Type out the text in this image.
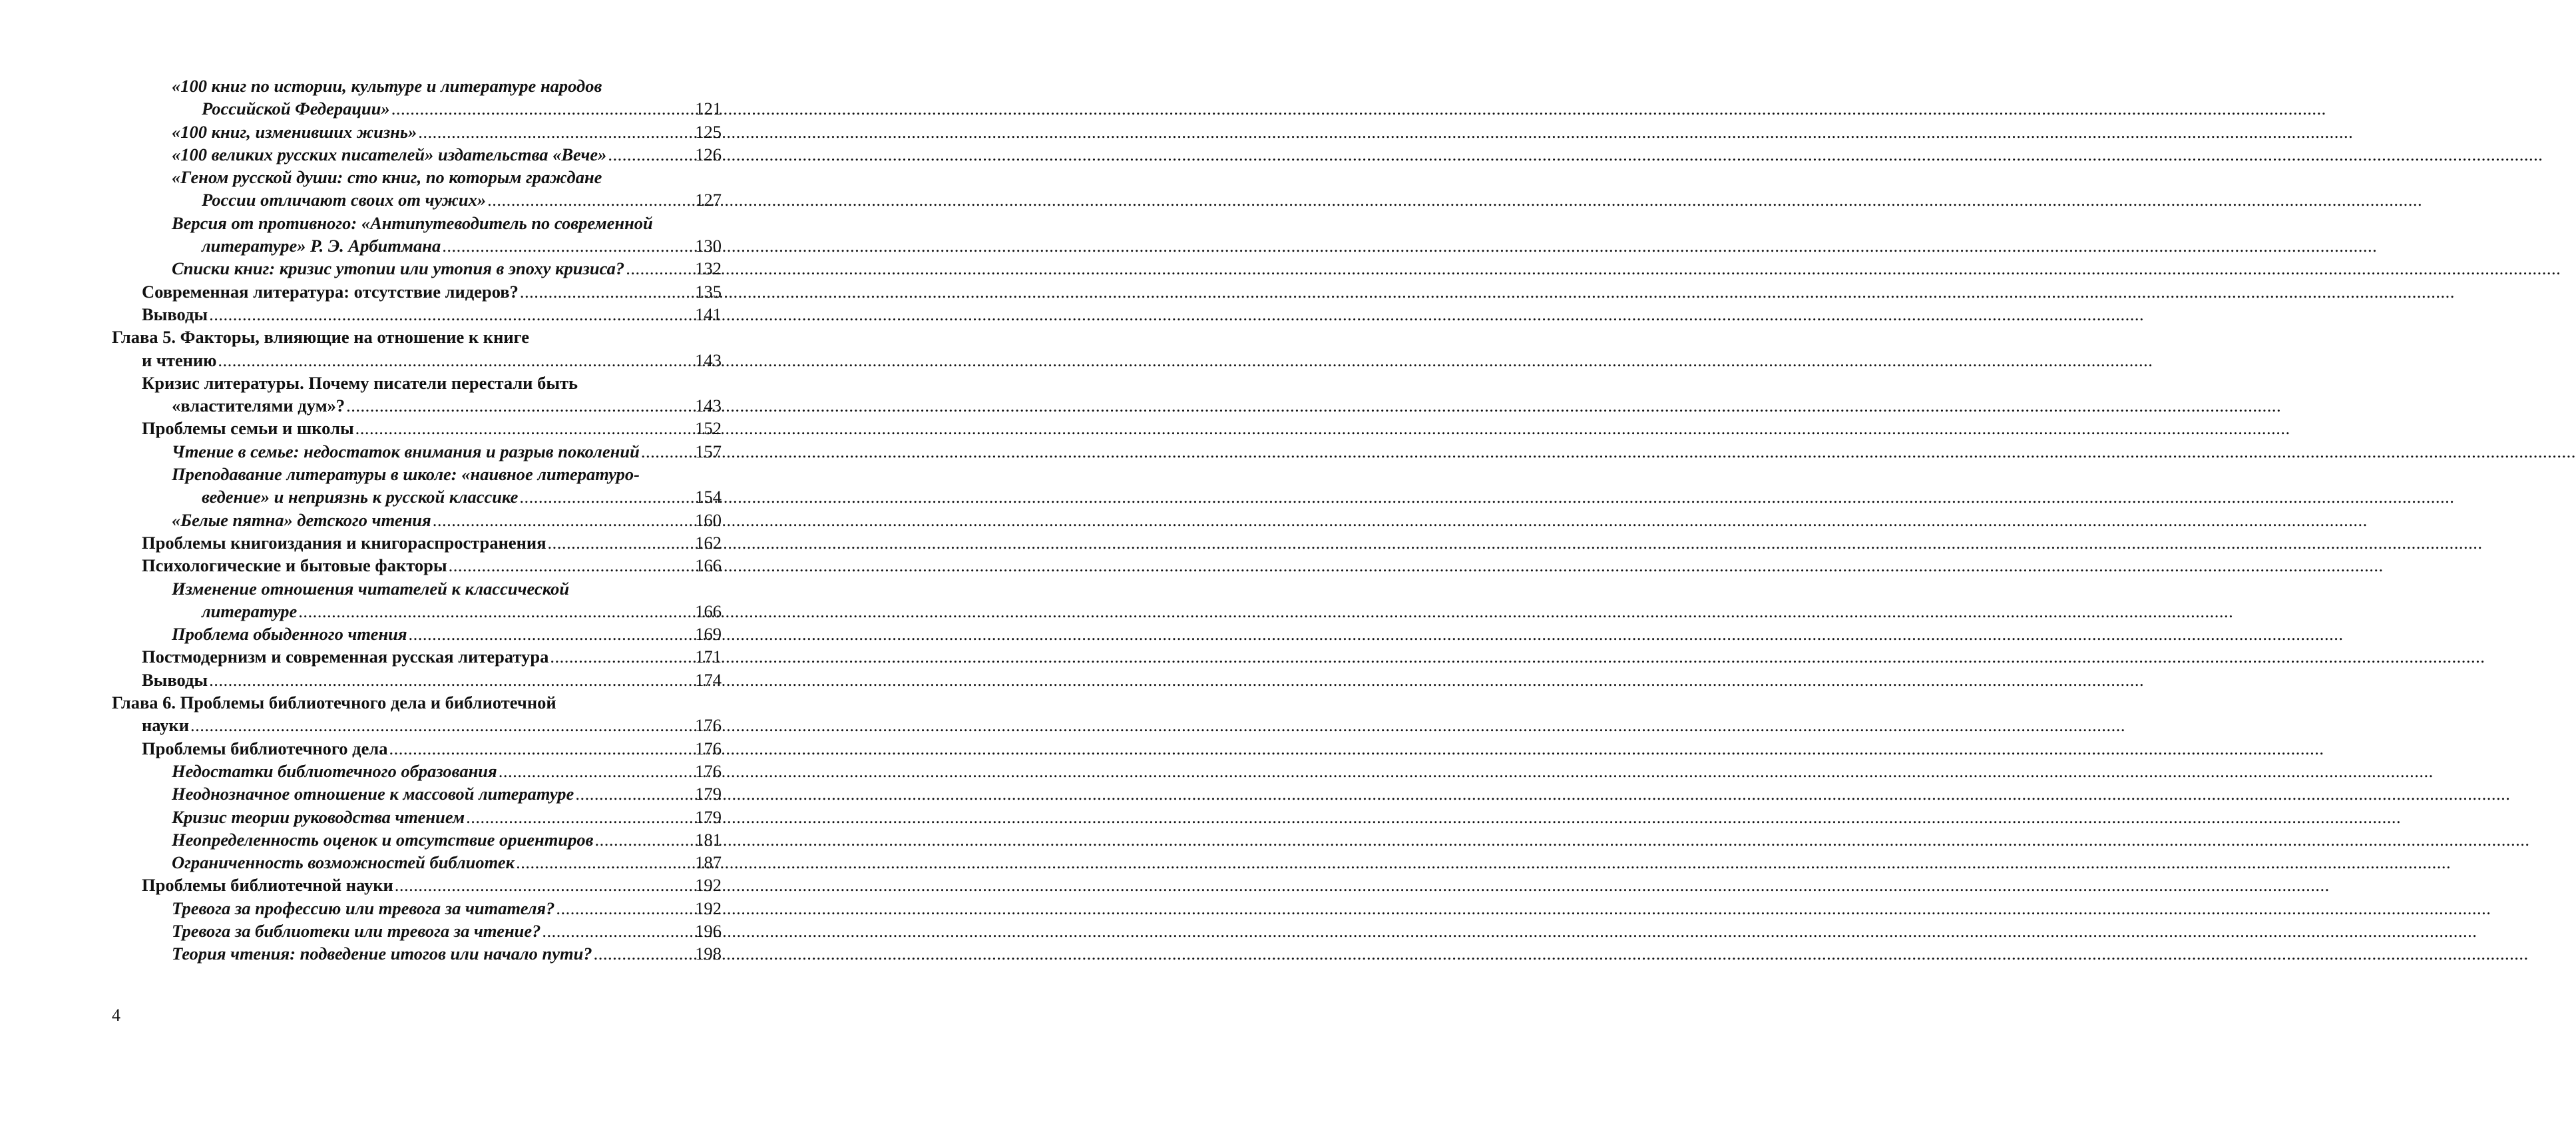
«100 книг по истории, культуре и литературе народов
Российской Федерации»
.....	121
«100 книг, изменивших жизнь»
.....	125
«100 великих русских писателей» издательства «Вече»
.....	126
«Геном русской души: сто книг, по которым граждане
России отличают своих от чужих»
.....	127
Версия от противного: «Антипутеводитель по современной
литературе» Р. Э. Арбитмана
.....	130
Списки книг: кризис утопии или утопия в эпоху кризиса?
.....	132
Современная литература: отсутствие лидеров?
.....	135
Выводы
.....	141
Глава 5. Факторы, влияющие на отношение к книге
и чтению
.....	143
Кризис литературы. Почему писатели перестали быть
«властителями дум»?
.....	143
Проблемы семьи и школы
.....	152
Чтение в семье: недостаток внимания и разрыв поколений
.....	157
Преподавание литературы в школе: «наивное литературо-
ведение» и неприязнь к русской классике
.....	154
«Белые пятна» детского чтения
.....	160
Проблемы книгоиздания и книгораспространения
.....	162
Психологические и бытовые факторы
.....	166
Изменение отношения читателей к классической
литературе
.....	166
Проблема обыденного чтения
.....	169
Постмодернизм и современная русская литература
.....	171
Выводы
.....	174
Глава 6. Проблемы библиотечного дела и библиотечной
науки
.....	176
Проблемы библиотечного дела
.....	176
Недостатки библиотечного образования
.....	176
Неоднозначное отношение к массовой литературе
.....	179
Кризис теории руководства чтением
.....	179
Неопределенность оценок и отсутствие ориентиров
.....	181
Ограниченность возможностей библиотек
.....	187
Проблемы библиотечной науки
.....	192
Тревога за профессию или тревога за читателя?
.....	192
Тревога за библиотеки или тревога за чтение?
.....	196
Теория чтения: подведение итогов или начало пути?
.....	198
4
